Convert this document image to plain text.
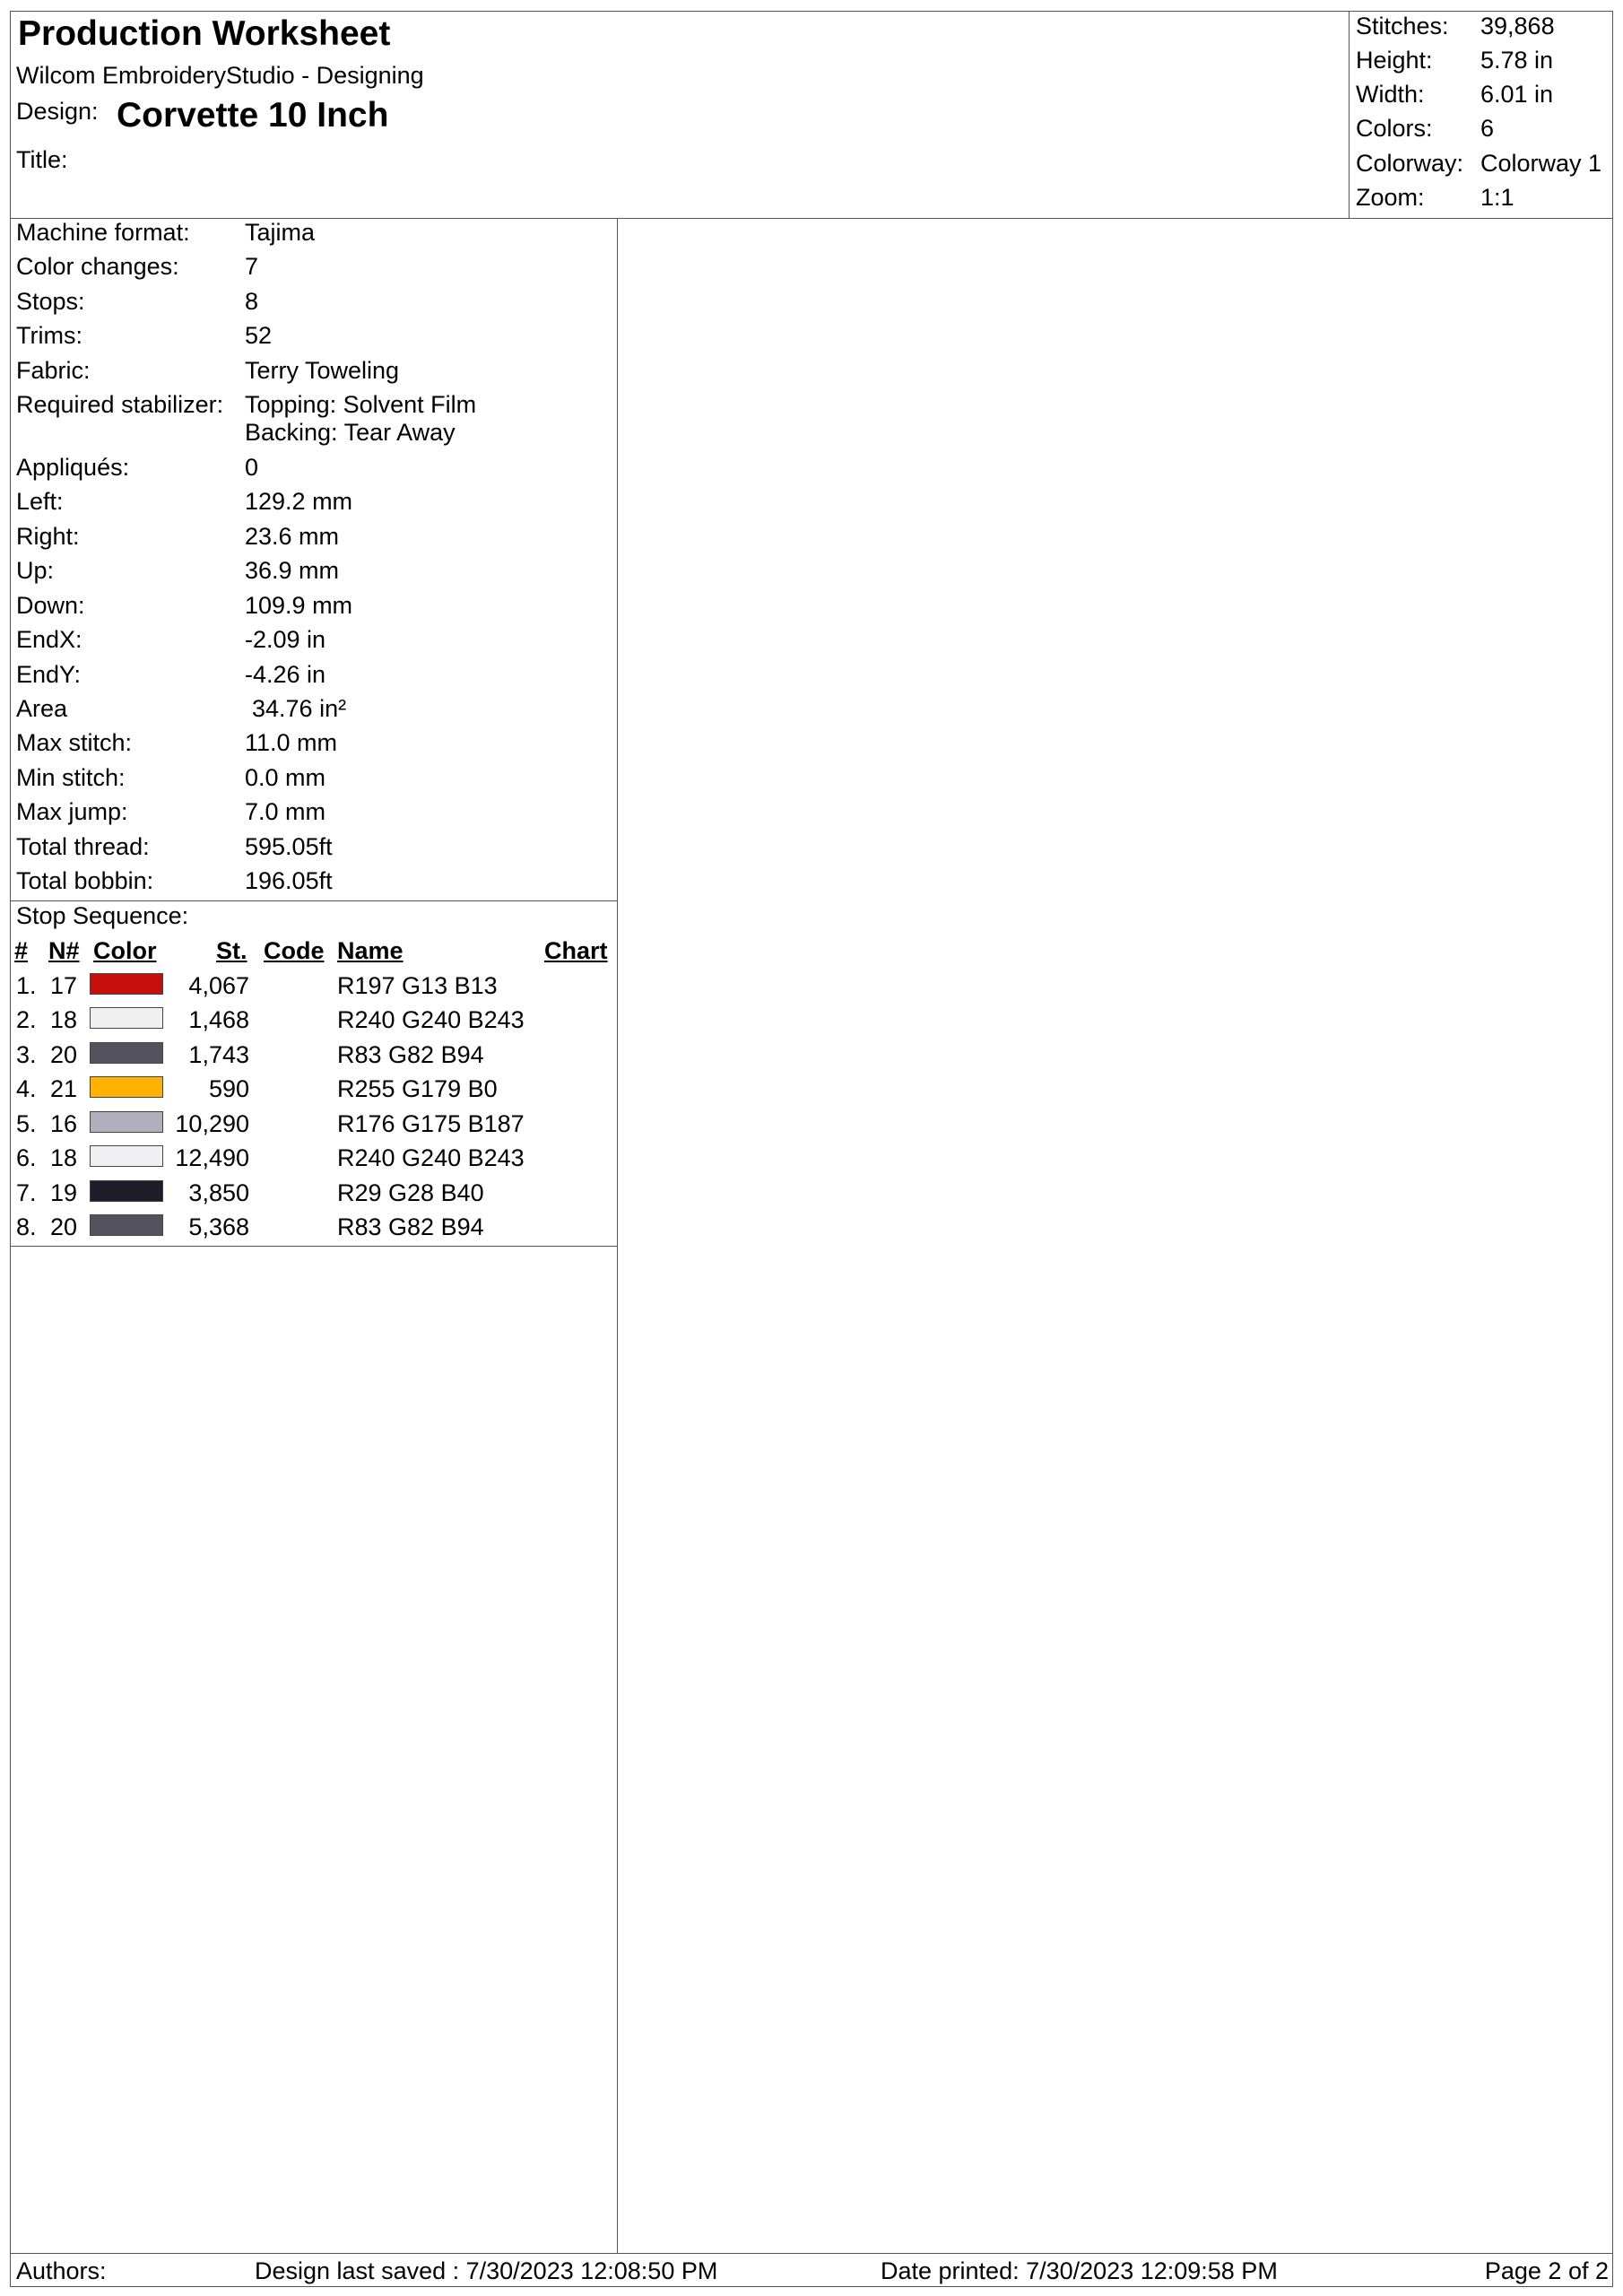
Production Worksheet
Wilcom EmbroideryStudio - Designing
Design: Corvette 10 Inch
Title:
Stitches: 39,868
Height: 5.78 in
Width: 6.01 in
Colors: 6
Colorway: Colorway 1
Zoom: 1:1
Machine format: Tajima
Color changes:	7
Stops:	8
Trims:	52
Fabric:	Terry Toweling
Required stabilizer: Topping: Solvent Film
Backing: Tear Away
Appliqués:	0
Left:	129.2 mm
Right:	23.6 mm
Up:	36.9 mm
Down:	109.9 mm
EndX:	-2.09 in
EndY:	-4.26 in
Area	34.76 in²
Max stitch:	11.0 mm
Min stitch:	0.0 mm
Max jump:	7.0 mm
Total thread:	595.05ft
Total bobbin:	196.05ft
Stop Sequence:
# N# Color St. Code Name	Chart
1. 17	4,067	R197 G13 B13
2. 18	1,468	R240 G240 B243
3. 20	1,743	R83 G82 B94
4. 21	590	R255 G179 B0
5. 16	10,290	R176 G175 B187
6. 18	12,490	R240 G240 B243
7. 19	3,850	R29 G28 B40
8. 20	5,368	R83 G82 B94
Authors:	Design last saved : 7/30/2023 12:08:50 PM	Date printed: 7/30/2023 12:09:58 PM	Page 2 of 2
